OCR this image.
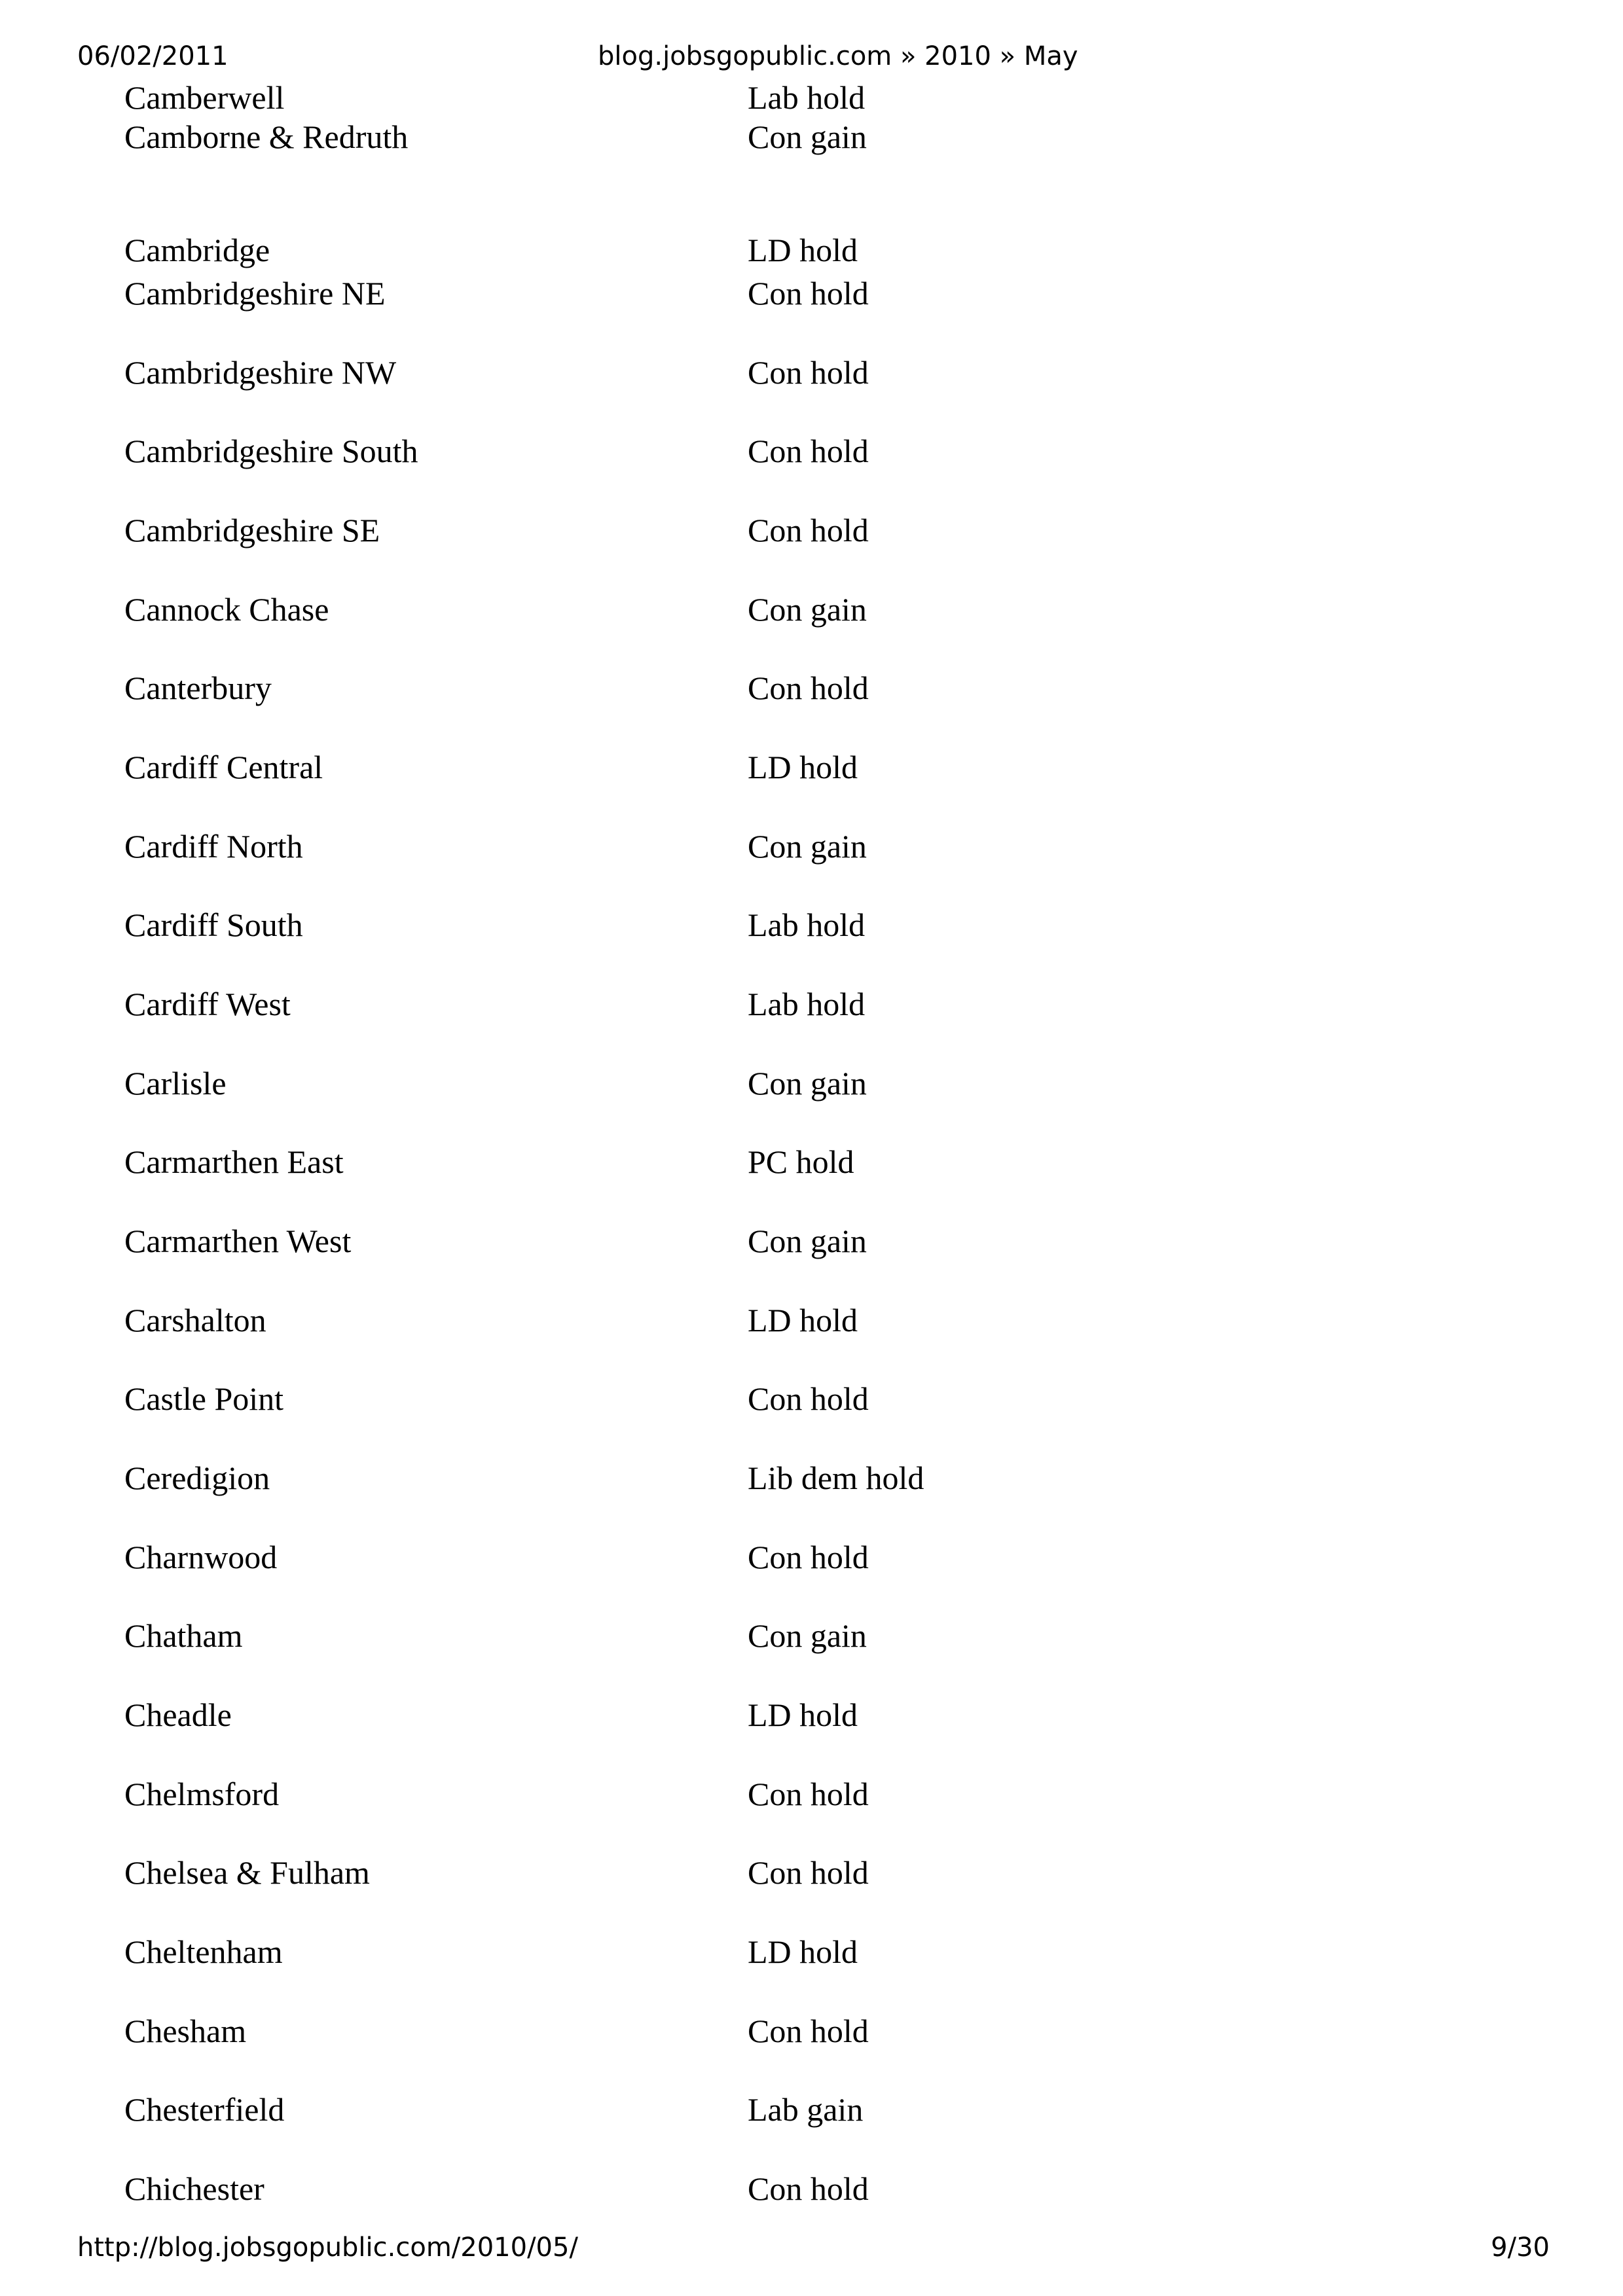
06/02/2011	blog.jobsgopublic.com » 2010 » May
Camberwell	Lab hold
Camborne & Redruth	Con gain
Cambridge	LD hold
Cambridgeshire NE	Con hold
Cambridgeshire NW	Con hold
Cambridgeshire South	Con hold
Cambridgeshire SE	Con hold
Cannock Chase	Con gain
Canterbury	Con hold
Cardiff Central	LD hold
Cardiff North	Con gain
Cardiff South	Lab hold
Cardiff West	Lab hold
Carlisle	Con gain
Carmarthen East	PC hold
Carmarthen West	Con gain
Carshalton	LD hold
Castle Point	Con hold
Ceredigion	Lib dem hold
Charnwood	Con hold
Chatham	Con gain
Cheadle	LD hold
Chelmsford	Con hold
Chelsea & Fulham	Con hold
Cheltenham	LD hold
Chesham	Con hold
Chesterfield	Lab gain
Chichester	Con hold
http://blog.jobsgopublic.com/2010/05/	9/30
